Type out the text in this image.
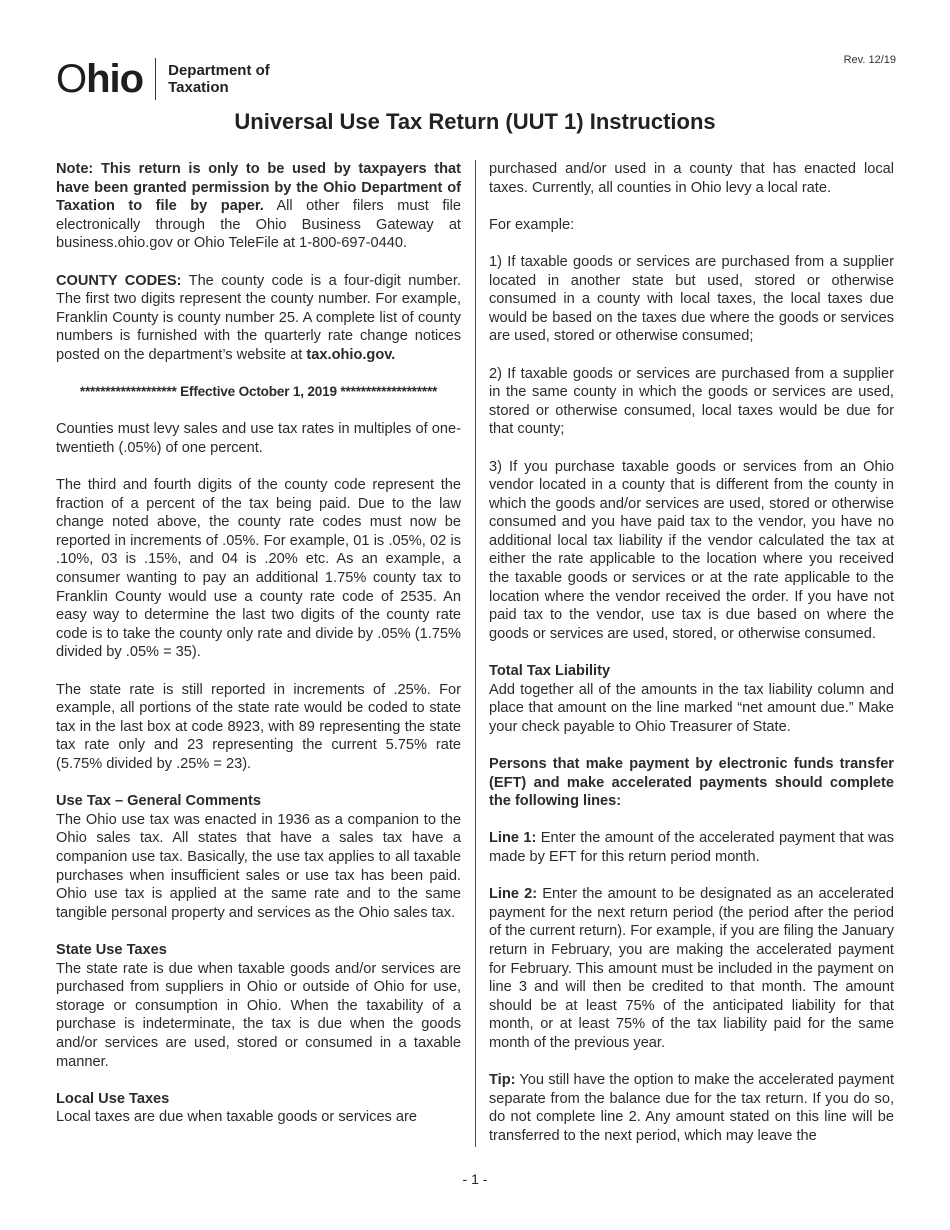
Ohio Department of
Taxation
Rev. 12/19
Universal Use Tax Return (UUT 1) Instructions

Note: This return is only to be used by taxpayers that have been granted permission by the Ohio Department of Taxation to file by paper. All other filers must file electronically through the Ohio Business Gateway at business.ohio.gov or Ohio TeleFile at 1-800-697-0440.

COUNTY CODES: The county code is a four-digit number. The first two digits represent the county number. For example, Franklin County is county number 25. A complete list of county numbers is furnished with the quarterly rate change notices posted on the department’s website at tax.ohio.gov.

******************* Effective October 1, 2019 *******************

Counties must levy sales and use tax rates in multiples of one-twentieth (.05%) of one percent.

The third and fourth digits of the county code represent the fraction of a percent of the tax being paid. Due to the law change noted above, the county rate codes must now be reported in increments of .05%. For example, 01 is .05%, 02 is .10%, 03 is .15%, and 04 is .20% etc. As an example, a consumer wanting to pay an additional 1.75% county tax to Franklin County would use a county rate code of 2535. An easy way to determine the last two digits of the county rate code is to take the county only rate and divide by .05% (1.75% divided by .05% = 35).

The state rate is still reported in increments of .25%. For example, all portions of the state rate would be coded to state tax in the last box at code 8923, with 89 representing the state tax rate only and 23 representing the current 5.75% rate (5.75% divided by .25% = 23).

Use Tax – General Comments

The Ohio use tax was enacted in 1936 as a companion to the Ohio sales tax. All states that have a sales tax have a companion use tax. Basically, the use tax applies to all taxable purchases when insufficient sales or use tax has been paid. Ohio use tax is applied at the same rate and to the same tangible personal property and services as the Ohio sales tax.

State Use Taxes

The state rate is due when taxable goods and/or services are purchased from suppliers in Ohio or outside of Ohio for use, storage or consumption in Ohio. When the taxability of a purchase is indeterminate, the tax is due when the goods and/or services are used, stored or consumed in a taxable manner.

Local Use Taxes

Local taxes are due when taxable goods or services are

purchased and/or used in a county that has enacted local taxes. Currently, all counties in Ohio levy a local rate.

For example:

1) If taxable goods or services are purchased from a supplier located in another state but used, stored or otherwise consumed in a county with local taxes, the local taxes due would be based on the taxes due where the goods or services are used, stored or otherwise consumed;

2) If taxable goods or services are purchased from a supplier in the same county in which the goods or services are used, stored or otherwise consumed, local taxes would be due for that county;

3) If you purchase taxable goods or services from an Ohio vendor located in a county that is different from the county in which the goods and/or services are used, stored or otherwise consumed and you have paid tax to the vendor, you have no additional local tax liability if the vendor calculated the tax at either the rate applicable to the location where you received the taxable goods or services or at the rate applicable to the location where the vendor received the order. If you have not paid tax to the vendor, use tax is due based on where the goods or services are used, stored, or otherwise consumed.

Total Tax Liability

Add together all of the amounts in the tax liability column and place that amount on the line marked “net amount due.” Make your check payable to Ohio Treasurer of State.

Persons that make payment by electronic funds transfer (EFT) and make accelerated payments should complete the following lines:

Line 1: Enter the amount of the accelerated payment that was made by EFT for this return period month.

Line 2: Enter the amount to be designated as an accelerated payment for the next return period (the period after the period of the current return). For example, if you are filing the January return in February, you are making the accelerated payment for February. This amount must be included in the payment on line 3 and will then be credited to that month. The amount should be at least 75% of the anticipated liability for that month, or at least 75% of the tax liability paid for the same month of the previous year.

Tip: You still have the option to make the accelerated payment separate from the balance due for the tax return. If you do so, do not complete line 2. Any amount stated on this line will be transferred to the next period, which may leave the

- 1 -
